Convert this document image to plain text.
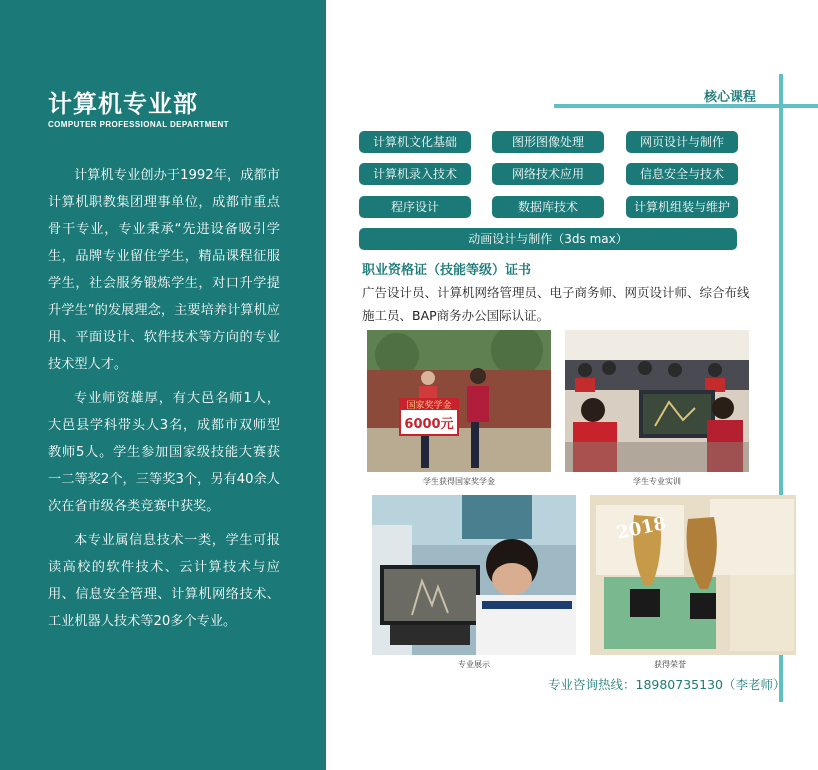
计算机专业部
COMPUTER PROFESSIONAL DEPARTMENT

计算机专业创办于1992年，成都市计算机职教集团理事单位，成都市重点骨干专业，专业秉承“先进设备吸引学生，品牌专业留住学生，精品课程征服学生，社会服务锻炼学生，对口升学提升学生”的发展理念，主要培养计算机应用、平面设计、软件技术等方向的专业技术型人才。

专业师资雄厚，有大邑名师1人，大邑县学科带头人3名，成都市双师型教师5人。学生参加国家级技能大赛获一二等奖2个，三等奖3个，另有40余人次在省市级各类竞赛中获奖。

本专业属信息技术一类，学生可报读高校的软件技术、云计算技术与应用、信息安全管理、计算机网络技术、工业机器人技术等20多个专业。

核心课程
计算机文化基础	图形图像处理	网页设计与制作
计算机录入技术	网络技术应用	信息安全与技术
程序设计	数据库技术	计算机组装与维护
动画设计与制作（3ds max）
职业资格证（技能等级）证书
广告设计员、计算机网络管理员、电子商务师、网页设计师、综合布线施工员、BAP商务办公国际认证。
国家奖学金
6000元
学生获得国家奖学金	学生专业实训
专业展示
2018
获得荣誉
专业咨询热线：18980735130（李老师）
